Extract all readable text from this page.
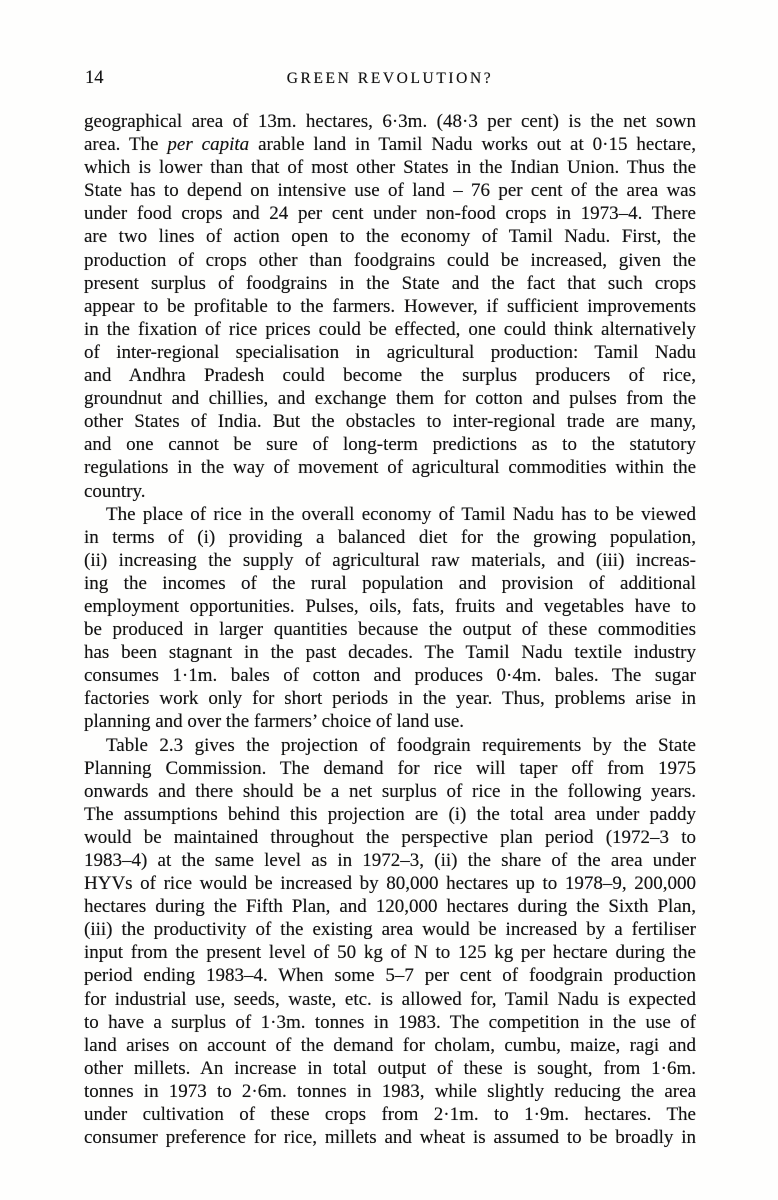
14	GREEN REVOLUTION?
geographical area of 13m. hectares, 6·3m. (48·3 per cent) is the net sown
area. The per capita arable land in Tamil Nadu works out at 0·15 hectare,
which is lower than that of most other States in the Indian Union. Thus the
State has to depend on intensive use of land – 76 per cent of the area was
under food crops and 24 per cent under non-food crops in 1973–4. There
are two lines of action open to the economy of Tamil Nadu. First, the
production of crops other than foodgrains could be increased, given the
present surplus of foodgrains in the State and the fact that such crops
appear to be profitable to the farmers. However, if sufficient improvements
in the fixation of rice prices could be effected, one could think alternatively
of inter-regional specialisation in agricultural production: Tamil Nadu
and Andhra Pradesh could become the surplus producers of rice,
groundnut and chillies, and exchange them for cotton and pulses from the
other States of India. But the obstacles to inter-regional trade are many,
and one cannot be sure of long-term predictions as to the statutory
regulations in the way of movement of agricultural commodities within the
country.
The place of rice in the overall economy of Tamil Nadu has to be viewed
in terms of (i) providing a balanced diet for the growing population,
(ii) increasing the supply of agricultural raw materials, and (iii) increas-
ing the incomes of the rural population and provision of additional
employment opportunities. Pulses, oils, fats, fruits and vegetables have to
be produced in larger quantities because the output of these commodities
has been stagnant in the past decades. The Tamil Nadu textile industry
consumes 1·1m. bales of cotton and produces 0·4m. bales. The sugar
factories work only for short periods in the year. Thus, problems arise in
planning and over the farmers’ choice of land use.
Table 2.3 gives the projection of foodgrain requirements by the State
Planning Commission. The demand for rice will taper off from 1975
onwards and there should be a net surplus of rice in the following years.
The assumptions behind this projection are (i) the total area under paddy
would be maintained throughout the perspective plan period (1972–3 to
1983–4) at the same level as in 1972–3, (ii) the share of the area under
HYVs of rice would be increased by 80,000 hectares up to 1978–9, 200,000
hectares during the Fifth Plan, and 120,000 hectares during the Sixth Plan,
(iii) the productivity of the existing area would be increased by a fertiliser
input from the present level of 50 kg of N to 125 kg per hectare during the
period ending 1983–4. When some 5–7 per cent of foodgrain production
for industrial use, seeds, waste, etc. is allowed for, Tamil Nadu is expected
to have a surplus of 1·3m. tonnes in 1983. The competition in the use of
land arises on account of the demand for cholam, cumbu, maize, ragi and
other millets. An increase in total output of these is sought, from 1·6m.
tonnes in 1973 to 2·6m. tonnes in 1983, while slightly reducing the area
under cultivation of these crops from 2·1m. to 1·9m. hectares. The
consumer preference for rice, millets and wheat is assumed to be broadly in
